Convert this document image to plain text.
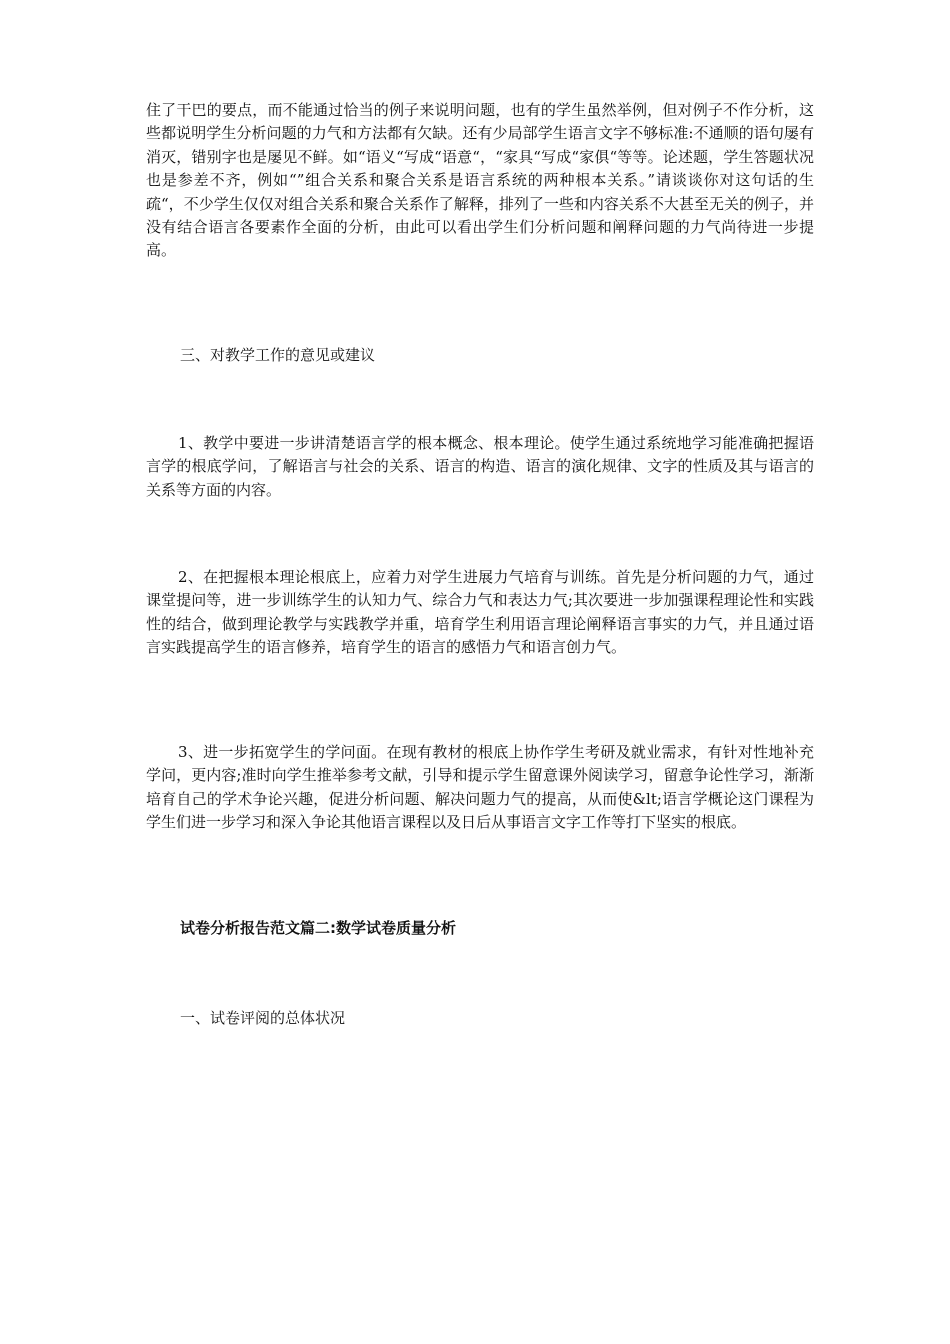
住了干巴的要点，而不能通过恰当的例子来说明问题，也有的学生虽然举例，但对例子不作分析，这些都说明学生分析问题的力气和方法都有欠缺。还有少局部学生语言文字不够标准:不通顺的语句屡有消灭，错别字也是屡见不鲜。如“语义“写成“语意“，“家具“写成“家俱“等等。论述题，学生答题状况也是参差不齐，例如“”组合关系和聚合关系是语言系统的两种根本关系。”请谈谈你对这句话的生疏“，不少学生仅仅对组合关系和聚合关系作了解释，排列了一些和内容关系不大甚至无关的例子，并没有结合语言各要素作全面的分析，由此可以看出学生们分析问题和阐释问题的力气尚待进一步提高。

三、对教学工作的意见或建议

1、教学中要进一步讲清楚语言学的根本概念、根本理论。使学生通过系统地学习能准确把握语言学的根底学问，了解语言与社会的关系、语言的构造、语言的演化规律、文字的性质及其与语言的关系等方面的内容。

2、在把握根本理论根底上，应着力对学生进展力气培育与训练。首先是分析问题的力气，通过课堂提问等，进一步训练学生的认知力气、综合力气和表达力气;其次要进一步加强课程理论性和实践性的结合，做到理论教学与实践教学并重，培育学生利用语言理论阐释语言事实的力气，并且通过语言实践提高学生的语言修养，培育学生的语言的感悟力气和语言创力气。

3、进一步拓宽学生的学问面。在现有教材的根底上协作学生考研及就业需求，有针对性地补充学问，更内容;准时向学生推举参考文献，引导和提示学生留意课外阅读学习，留意争论性学习，渐渐培育自己的学术争论兴趣，促进分析问题、解决问题力气的提高，从而使&lt;语言学概论这门课程为学生们进一步学习和深入争论其他语言课程以及日后从事语言文字工作等打下坚实的根底。

试卷分析报告范文篇二:数学试卷质量分析

一、试卷评阅的总体状况
